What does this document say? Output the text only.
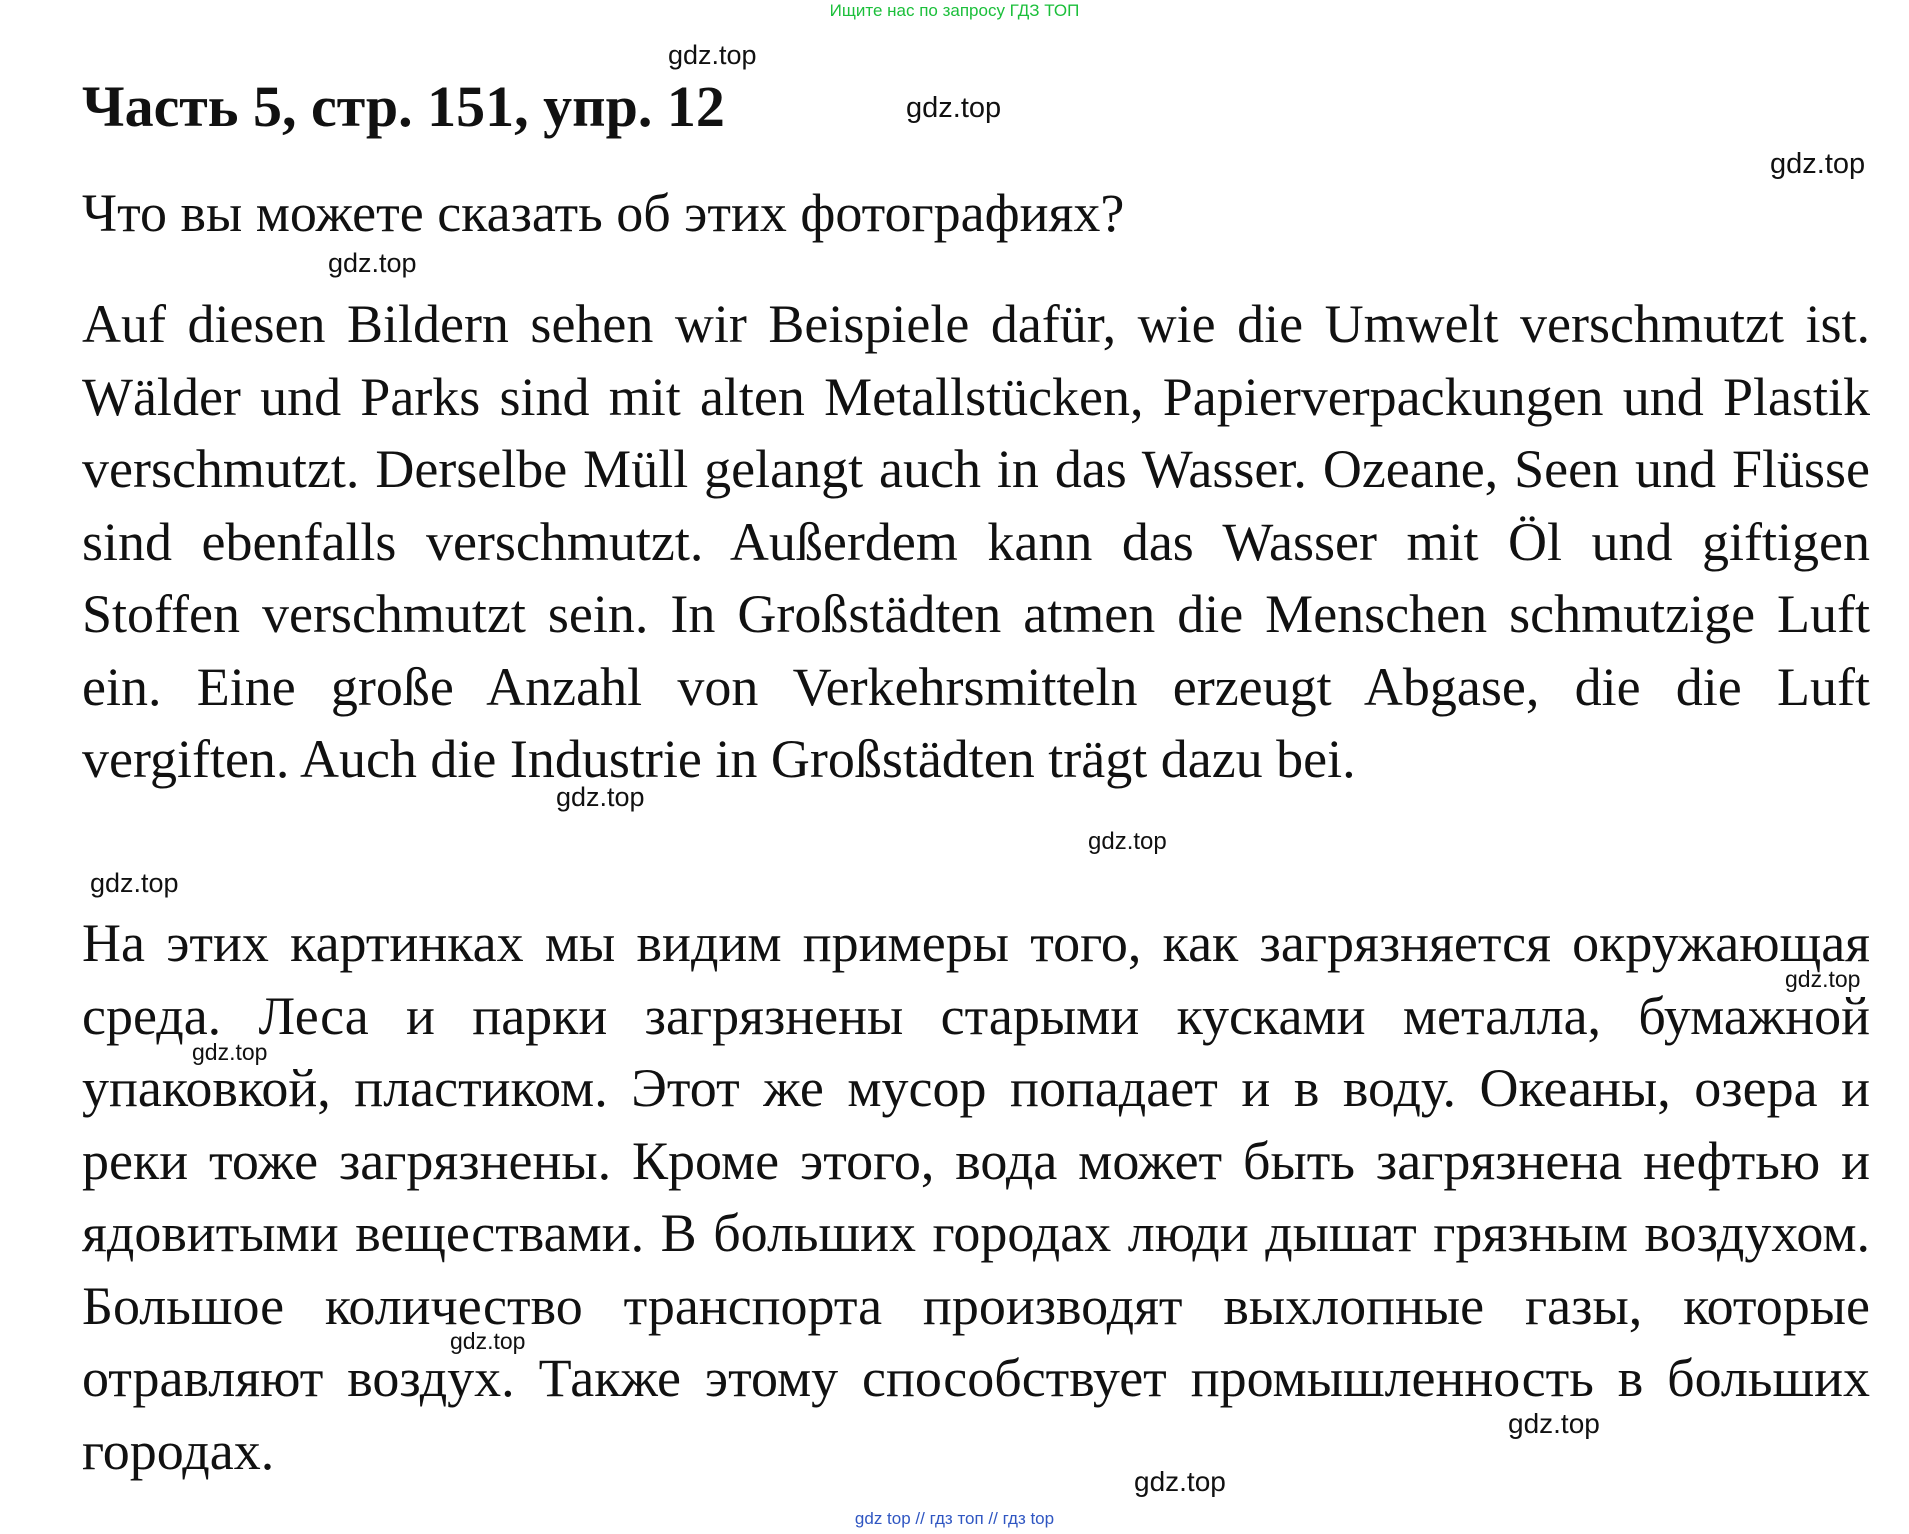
Ищите нас по запросу ГДЗ ТОП
Часть 5, стр. 151, упр. 12
Что вы можете сказать об этих фотографиях?

Auf diesen Bildern sehen wir Beispiele dafür, wie die Umwelt verschmutzt ist. Wälder und Parks sind mit alten Metallstücken, Papierverpackungen und Plastik verschmutzt. Derselbe Müll gelangt auch in das Wasser. Ozeane, Seen und Flüsse sind ebenfalls verschmutzt. Außerdem kann das Wasser mit Öl und giftigen Stoffen verschmutzt sein. In Großstädten atmen die Menschen schmutzige Luft ein. Eine große Anzahl von Verkehrsmitteln erzeugt Abgase, die die Luft vergiften. Auch die Industrie in Großstädten trägt dazu bei.

На этих картинках мы видим примеры того, как загрязняется окружающая среда. Леса и парки загрязнены старыми кусками металла, бумажной упаковкой, пластиком. Этот же мусор попадает и в воду. Океаны, озера и реки тоже загрязнены. Кроме этого, вода может быть загрязнена нефтью и ядовитыми веществами. В больших городах люди дышат грязным воздухом. Большое количество транспорта производят выхлопные газы, которые отравляют воздух. Также этому способствует промышленность в больших городах.

gdz.top
gdz.top
gdz.top
gdz.top
gdz.top
gdz.top
gdz.top
gdz.top
gdz.top
gdz.top
gdz.top
gdz.top
gdz top // гдз топ // гдз top
